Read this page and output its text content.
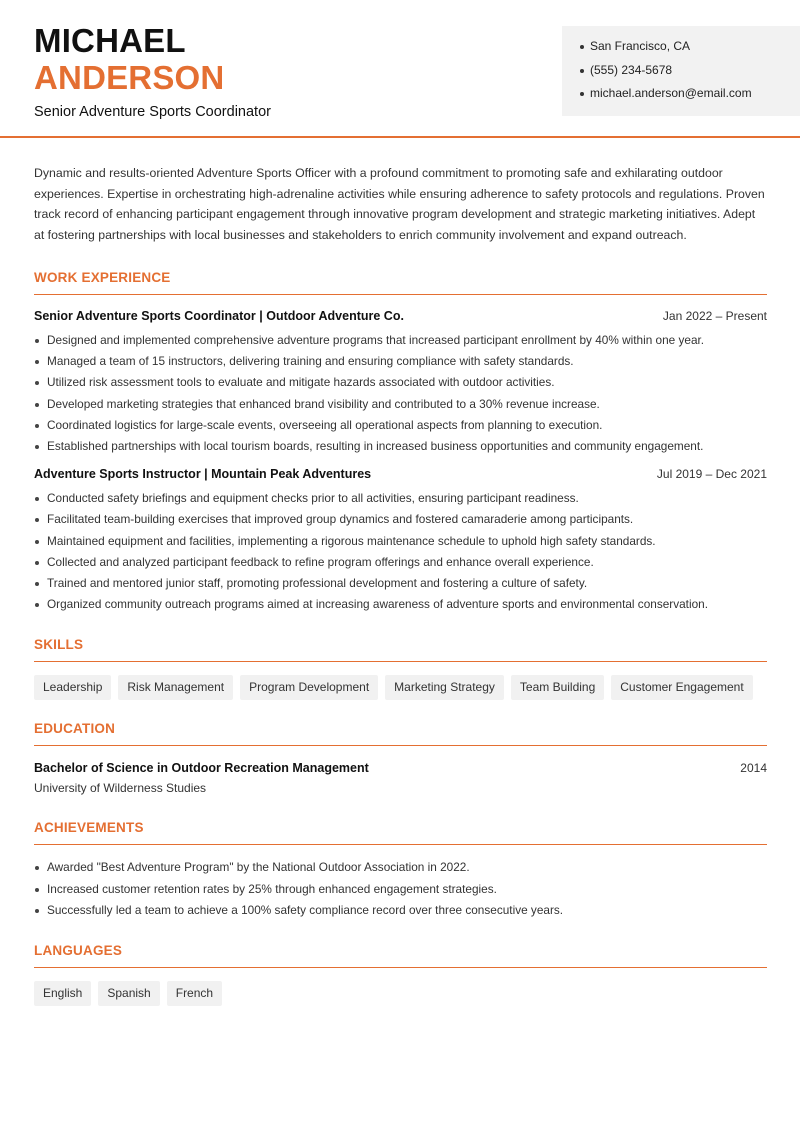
MICHAEL
ANDERSON
Senior Adventure Sports Coordinator
San Francisco, CA
(555) 234-5678
michael.anderson@email.com

Dynamic and results-oriented Adventure Sports Officer with a profound commitment to promoting safe and exhilarating outdoor experiences. Expertise in orchestrating high-adrenaline activities while ensuring adherence to safety protocols and regulations. Proven track record of enhancing participant engagement through innovative program development and strategic marketing initiatives. Adept at fostering partnerships with local businesses and stakeholders to enrich community involvement and expand outreach.

WORK EXPERIENCE
Senior Adventure Sports Coordinator | Outdoor Adventure Co.	Jan 2022 – Present
Designed and implemented comprehensive adventure programs that increased participant enrollment by 40% within one year.
Managed a team of 15 instructors, delivering training and ensuring compliance with safety standards.
Utilized risk assessment tools to evaluate and mitigate hazards associated with outdoor activities.
Developed marketing strategies that enhanced brand visibility and contributed to a 30% revenue increase.
Coordinated logistics for large-scale events, overseeing all operational aspects from planning to execution.
Established partnerships with local tourism boards, resulting in increased business opportunities and community engagement.
Adventure Sports Instructor | Mountain Peak Adventures	Jul 2019 – Dec 2021
Conducted safety briefings and equipment checks prior to all activities, ensuring participant readiness.
Facilitated team-building exercises that improved group dynamics and fostered camaraderie among participants.
Maintained equipment and facilities, implementing a rigorous maintenance schedule to uphold high safety standards.
Collected and analyzed participant feedback to refine program offerings and enhance overall experience.
Trained and mentored junior staff, promoting professional development and fostering a culture of safety.
Organized community outreach programs aimed at increasing awareness of adventure sports and environmental conservation.
SKILLS
Leadership	Risk Management	Program Development	Marketing Strategy	Team Building	Customer Engagement
EDUCATION
Bachelor of Science in Outdoor Recreation Management	2014
University of Wilderness Studies
ACHIEVEMENTS
Awarded "Best Adventure Program" by the National Outdoor Association in 2022.
Increased customer retention rates by 25% through enhanced engagement strategies.
Successfully led a team to achieve a 100% safety compliance record over three consecutive years.
LANGUAGES
English	Spanish	French
